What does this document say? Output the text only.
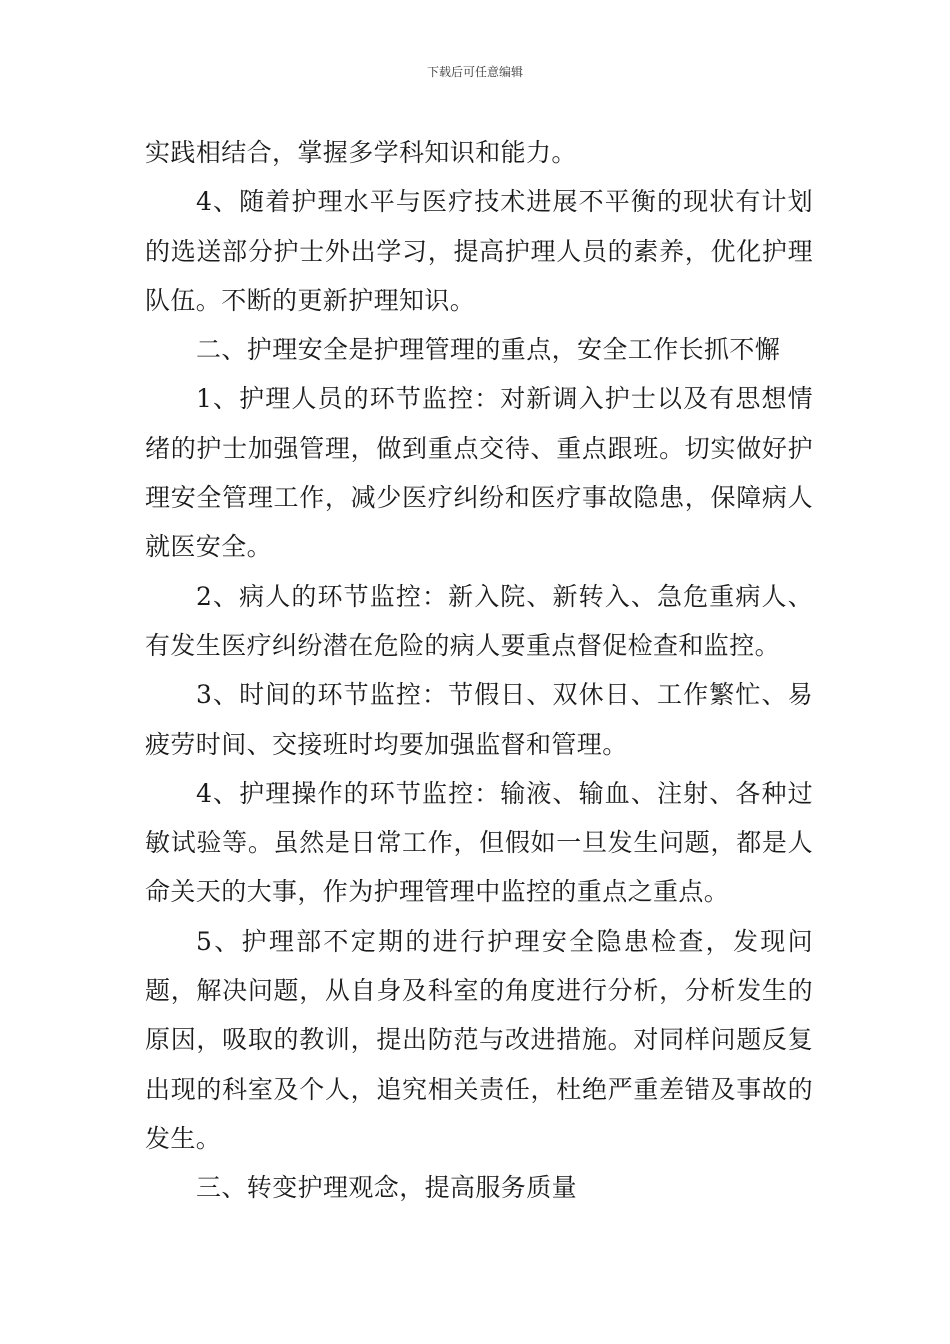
下载后可任意编辑

实践相结合，掌握多学科知识和能力。

4、随着护理水平与医疗技术进展不平衡的现状有计划的选送部分护士外出学习，提高护理人员的素养，优化护理队伍。不断的更新护理知识。

二、护理安全是护理管理的重点，安全工作长抓不懈

1、护理人员的环节监控：对新调入护士以及有思想情绪的护士加强管理，做到重点交待、重点跟班。切实做好护理安全管理工作，减少医疗纠纷和医疗事故隐患，保障病人就医安全。

2、病人的环节监控：新入院、新转入、急危重病人、有发生医疗纠纷潜在危险的病人要重点督促检查和监控。

3、时间的环节监控：节假日、双休日、工作繁忙、易疲劳时间、交接班时均要加强监督和管理。

4、护理操作的环节监控：输液、输血、注射、各种过敏试验等。虽然是日常工作，但假如一旦发生问题，都是人命关天的大事，作为护理管理中监控的重点之重点。

5、护理部不定期的进行护理安全隐患检查，发现问题，解决问题，从自身及科室的角度进行分析，分析发生的原因，吸取的教训，提出防范与改进措施。对同样问题反复出现的科室及个人，追究相关责任，杜绝严重差错及事故的发生。

三、转变护理观念，提高服务质量
